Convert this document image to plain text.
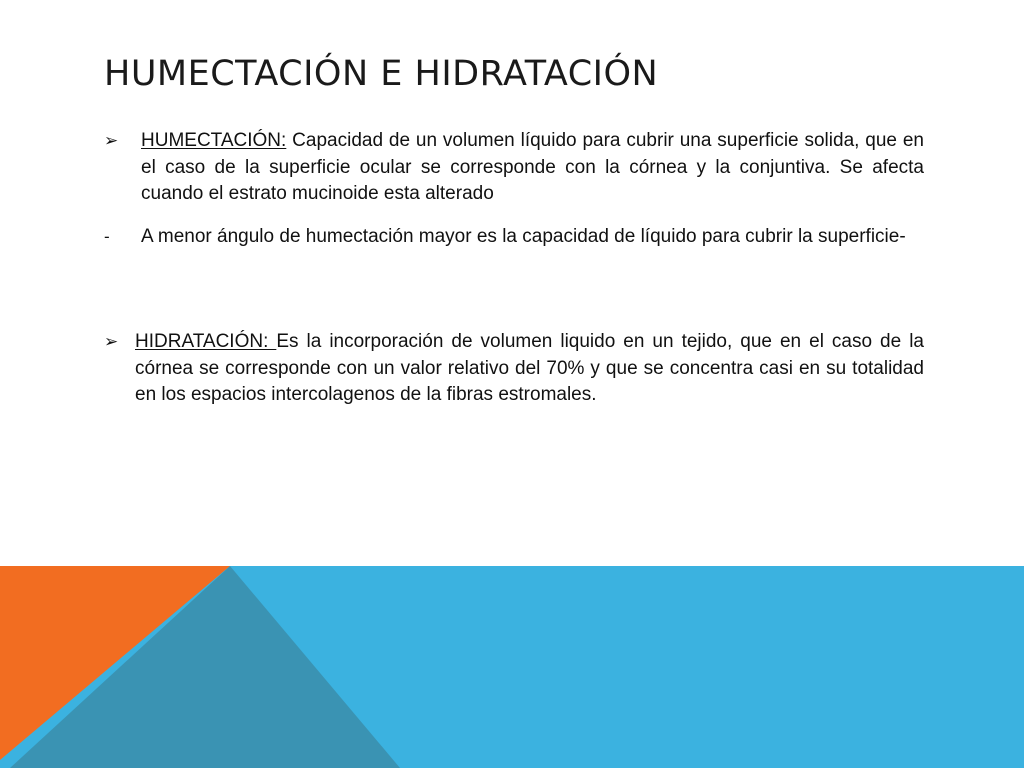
HUMECTACIÓN E HIDRATACIÓN
➢	HUMECTACIÓN: Capacidad de un volumen líquido para cubrir una superficie solida, que en el caso de la superficie ocular se corresponde con la córnea y la conjuntiva. Se afecta cuando el estrato mucinoide esta alterado

-	A menor ángulo de humectación mayor es la capacidad de líquido para cubrir la superficie-

➢ HIDRATACIÓN: Es la incorporación de volumen liquido en un tejido, que en el caso de la córnea se corresponde con un valor relativo del 70% y que se concentra casi en su totalidad en los espacios intercolagenos de la fibras estromales.
